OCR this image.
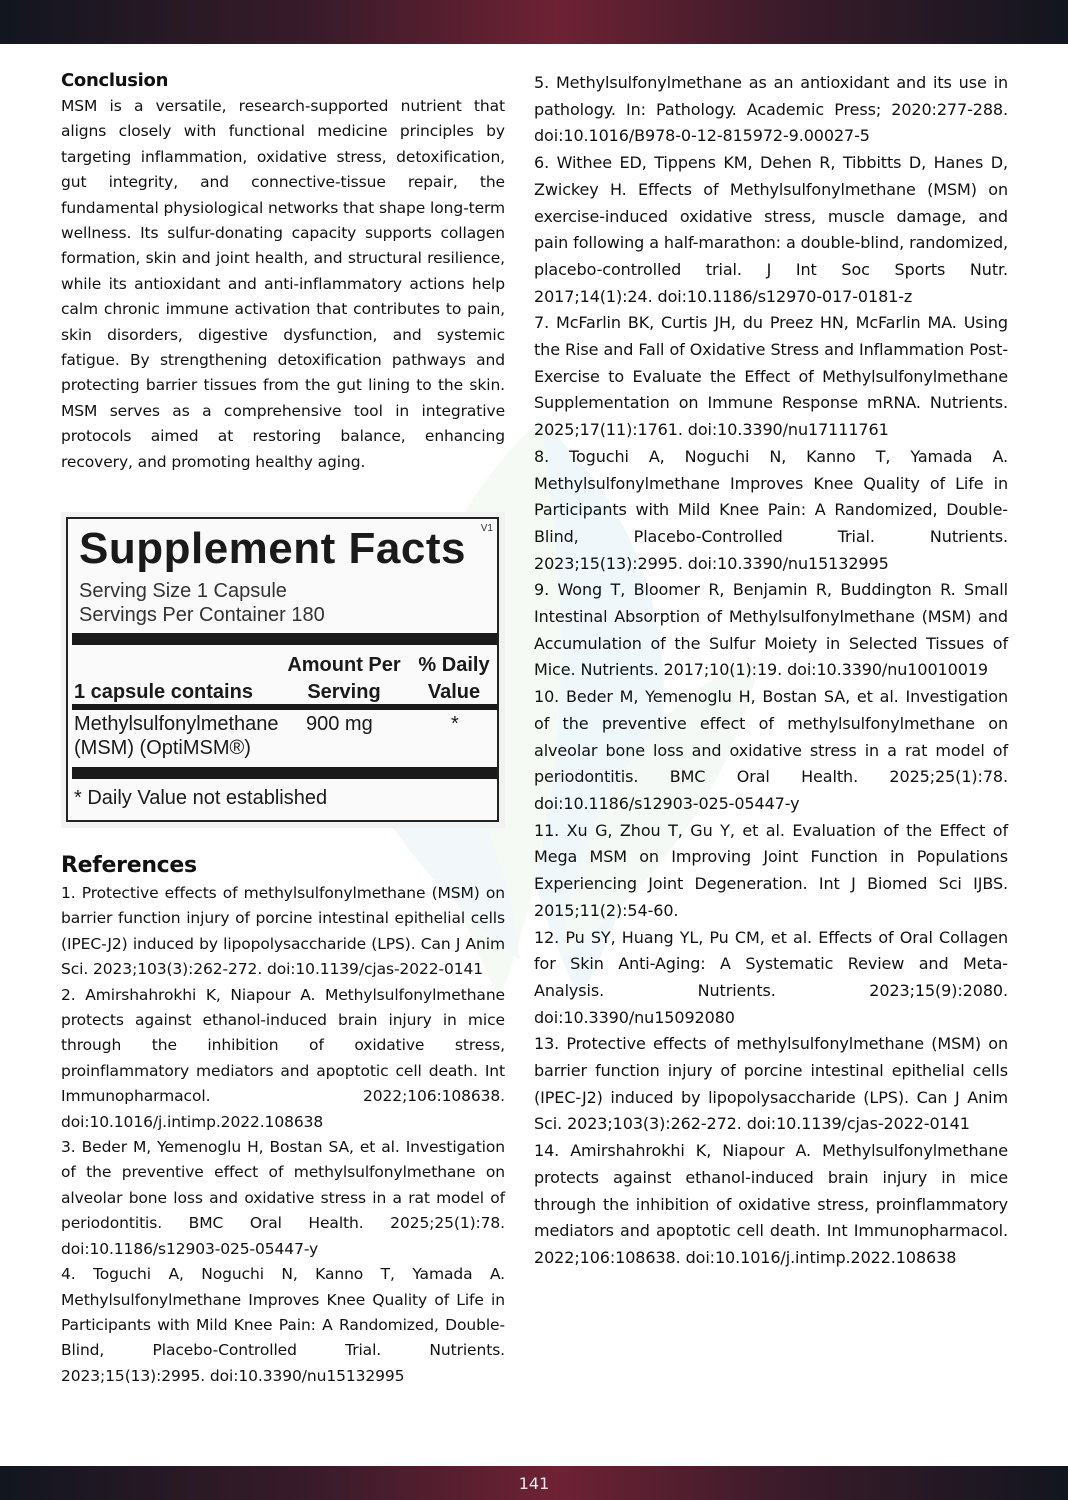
Conclusion

MSM is a versatile, research-supported nutrient that aligns closely with functional medicine principles by targeting inflammation, oxidative stress, detoxification, gut integrity, and connective-tissue repair, the fundamental physiological networks that shape long-term wellness. Its sulfur-donating capacity supports collagen formation, skin and joint health, and structural resilience, while its antioxidant and anti-inflammatory actions help calm chronic immune activation that contributes to pain, skin disorders, digestive dysfunction, and systemic fatigue. By strengthening detoxification pathways and protecting barrier tissues from the gut lining to the skin. MSM serves as a comprehensive tool in integrative protocols aimed at restoring balance, enhancing recovery, and promoting healthy aging.

Supplement Facts V1
Serving Size 1 Capsule
Servings Per Container 180
1 capsule contains
Amount Per
Serving
% Daily
Value
Methylsulfonylmethane
(MSM) (OptiMSM®)
900 mg	*
* Daily Value not established
References

1. Protective effects of methylsulfonylmethane (MSM) on barrier function injury of porcine intestinal epithelial cells (IPEC-J2) induced by lipopolysaccharide (LPS). Can J Anim Sci. 2023;103(3):262-272. doi:10.1139/cjas-2022-0141

2. Amirshahrokhi K, Niapour A. Methylsulfonylmethane protects against ethanol-induced brain injury in mice through the inhibition of oxidative stress, proinflammatory mediators and apoptotic cell death. Int Immunopharmacol. 2022;106:108638. doi:10.1016/j.intimp.2022.108638

3. Beder M, Yemenoglu H, Bostan SA, et al. Investigation of the preventive effect of methylsulfonylmethane on alveolar bone loss and oxidative stress in a rat model of periodontitis. BMC Oral Health. 2025;25(1):78. doi:10.1186/s12903-025-05447-y

4. Toguchi A, Noguchi N, Kanno T, Yamada A. Methylsulfonylmethane Improves Knee Quality of Life in Participants with Mild Knee Pain: A Randomized, Double-Blind, Placebo-Controlled Trial. Nutrients. 2023;15(13):2995. doi:10.3390/nu15132995

5. Methylsulfonylmethane as an antioxidant and its use in pathology. In: Pathology. Academic Press; 2020:277-288. doi:10.1016/B978-0-12-815972-9.00027-5

6. Withee ED, Tippens KM, Dehen R, Tibbitts D, Hanes D, Zwickey H. Effects of Methylsulfonylmethane (MSM) on exercise-induced oxidative stress, muscle damage, and pain following a half-marathon: a double-blind, randomized, placebo-controlled trial. J Int Soc Sports Nutr. 2017;14(1):24. doi:10.1186/s12970-017-0181-z

7. McFarlin BK, Curtis JH, du Preez HN, McFarlin MA. Using the Rise and Fall of Oxidative Stress and Inflammation Post-Exercise to Evaluate the Effect of Methylsulfonylmethane Supplementation on Immune Response mRNA. Nutrients. 2025;17(11):1761. doi:10.3390/nu17111761

8. Toguchi A, Noguchi N, Kanno T, Yamada A. Methylsulfonylmethane Improves Knee Quality of Life in Participants with Mild Knee Pain: A Randomized, Double-Blind, Placebo-Controlled Trial. Nutrients. 2023;15(13):2995. doi:10.3390/nu15132995

9. Wong T, Bloomer R, Benjamin R, Buddington R. Small Intestinal Absorption of Methylsulfonylmethane (MSM) and Accumulation of the Sulfur Moiety in Selected Tissues of Mice. Nutrients. 2017;10(1):19. doi:10.3390/nu10010019

10. Beder M, Yemenoglu H, Bostan SA, et al. Investigation of the preventive effect of methylsulfonylmethane on alveolar bone loss and oxidative stress in a rat model of periodontitis. BMC Oral Health. 2025;25(1):78. doi:10.1186/s12903-025-05447-y

11. Xu G, Zhou T, Gu Y, et al. Evaluation of the Effect of Mega MSM on Improving Joint Function in Populations Experiencing Joint Degeneration. Int J Biomed Sci IJBS. 2015;11(2):54-60.

12. Pu SY, Huang YL, Pu CM, et al. Effects of Oral Collagen for Skin Anti-Aging: A Systematic Review and Meta-Analysis. Nutrients. 2023;15(9):2080. doi:10.3390/nu15092080

13. Protective effects of methylsulfonylmethane (MSM) on barrier function injury of porcine intestinal epithelial cells (IPEC-J2) induced by lipopolysaccharide (LPS). Can J Anim Sci. 2023;103(3):262-272. doi:10.1139/cjas-2022-0141

14. Amirshahrokhi K, Niapour A. Methylsulfonylmethane protects against ethanol-induced brain injury in mice through the inhibition of oxidative stress, proinflammatory mediators and apoptotic cell death. Int Immunopharmacol. 2022;106:108638. doi:10.1016/j.intimp.2022.108638

141
